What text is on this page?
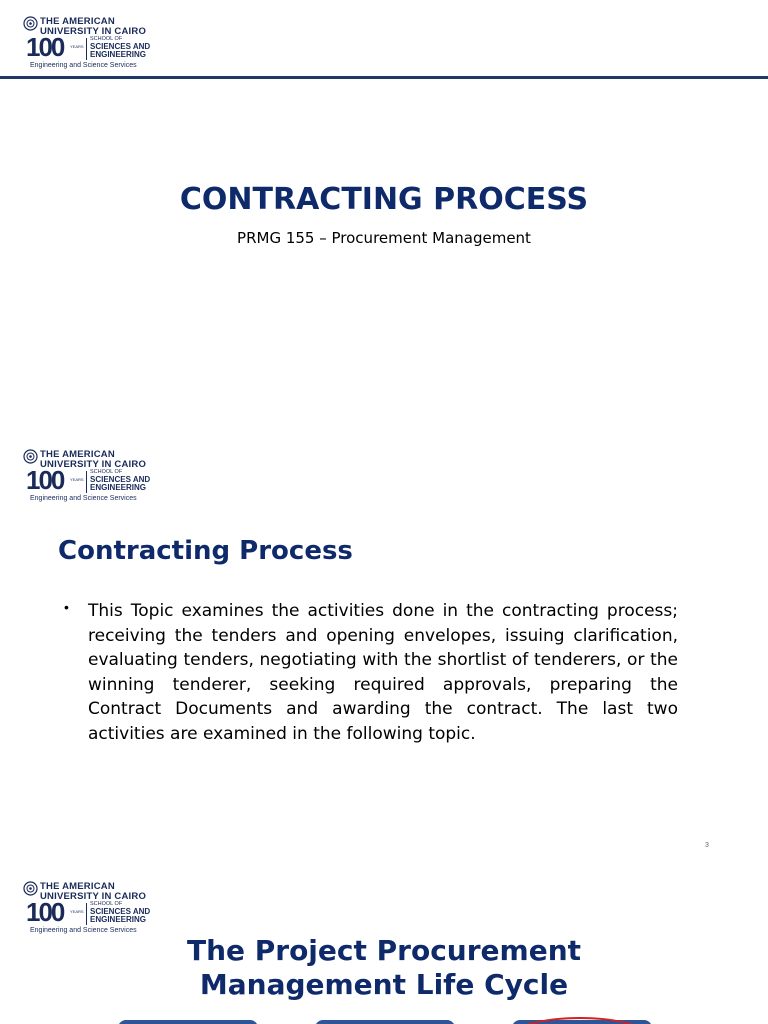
THE AMERICAN
UNIVERSITY IN CAIRO
100 YEARS
SCHOOL OF
SCIENCES AND
ENGINEERING
Engineering and Science Services
CONTRACTING PROCESS
PRMG 155 – Procurement Management
THE AMERICAN
UNIVERSITY IN CAIRO
100 YEARS
SCHOOL OF
SCIENCES AND
ENGINEERING
Engineering and Science Services
Contracting Process
• This Topic examines the activities done in the contracting process; receiving the tenders and opening envelopes, issuing clarification, evaluating tenders, negotiating with the shortlist of tenderers, or the winning tenderer, seeking required approvals, preparing the Contract Documents and awarding the contract. The last two activities are examined in the following topic.
3
THE AMERICAN
UNIVERSITY IN CAIRO
100 YEARS
SCHOOL OF
SCIENCES AND
ENGINEERING
Engineering and Science Services
The Project Procurement
Management Life Cycle
